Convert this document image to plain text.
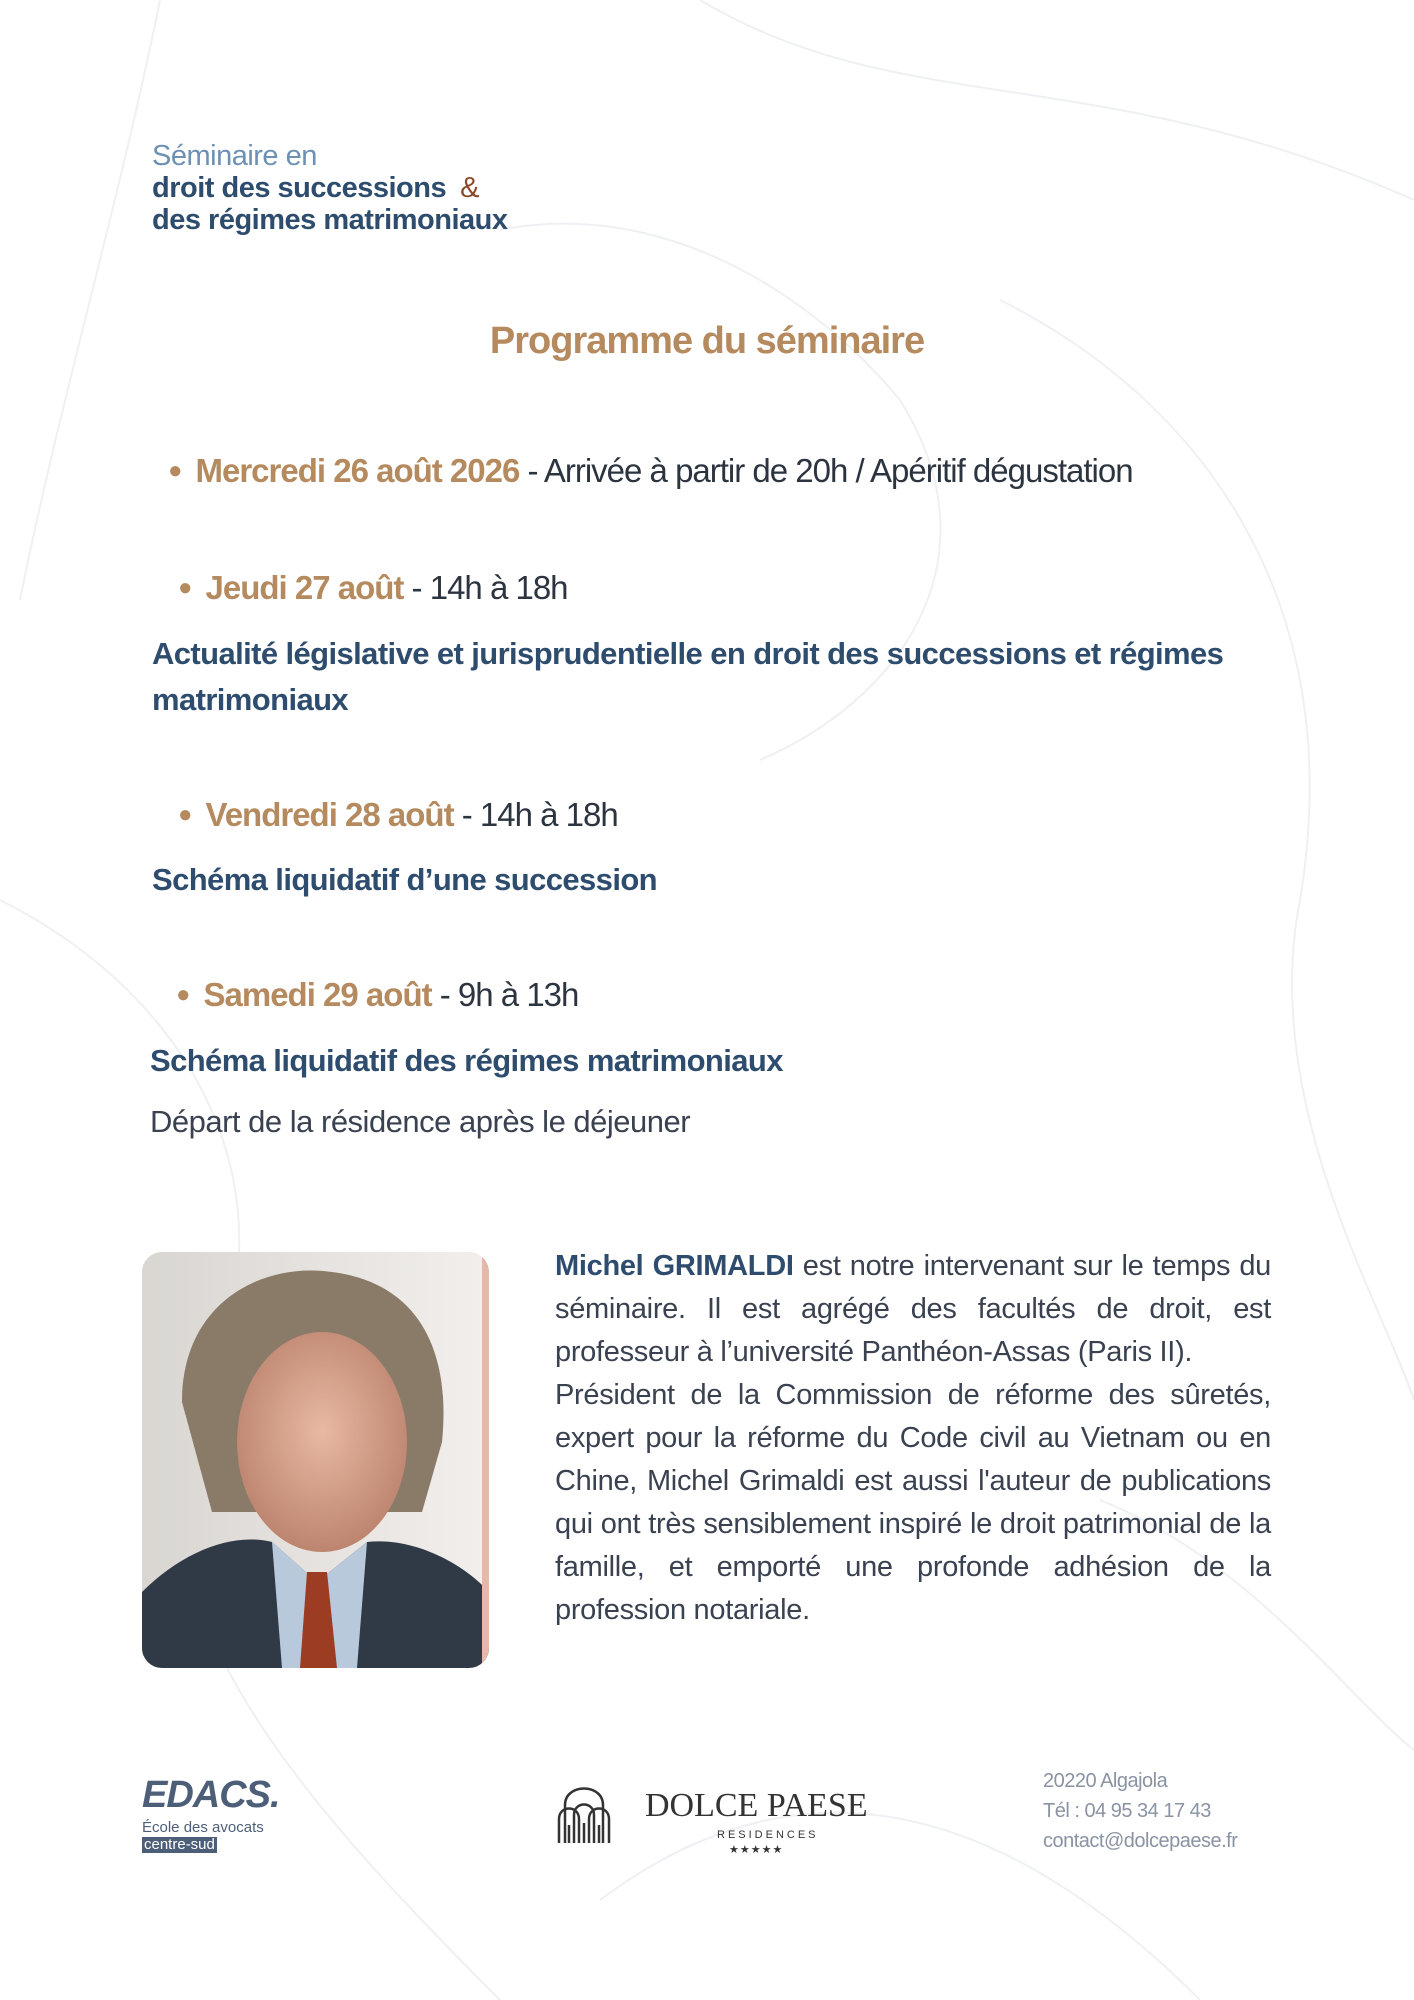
Séminaire en
droit des successions &
des régimes matrimoniaux
Programme du séminaire
● Mercredi 26 août 2026 - Arrivée à partir de 20h / Apéritif dégustation
● Jeudi 27 août - 14h à 18h
Actualité législative et jurisprudentielle en droit des successions et régimes matrimoniaux
● Vendredi 28 août - 14h à 18h
Schéma liquidatif d’une succession
● Samedi 29 août - 9h à 13h
Schéma liquidatif des régimes matrimoniaux
Départ de la résidence après le déjeuner
Michel GRIMALDI est notre intervenant sur le temps du séminaire. Il est agrégé des facultés de droit, est professeur à l’université Panthéon-Assas (Paris II).
Président de la Commission de réforme des sûretés, expert pour la réforme du Code civil au Vietnam ou en Chine, Michel Grimaldi est aussi l'auteur de publications qui ont très sensiblement inspiré le droit patrimonial de la famille, et emporté une profonde adhésion de la profession notariale.
EDACS.
École des avocats
centre-sud
DOLCE PAESE
RESIDENCES
★★★★★
20220 Algajola
Tél : 04 95 34 17 43
contact@dolcepaese.fr
